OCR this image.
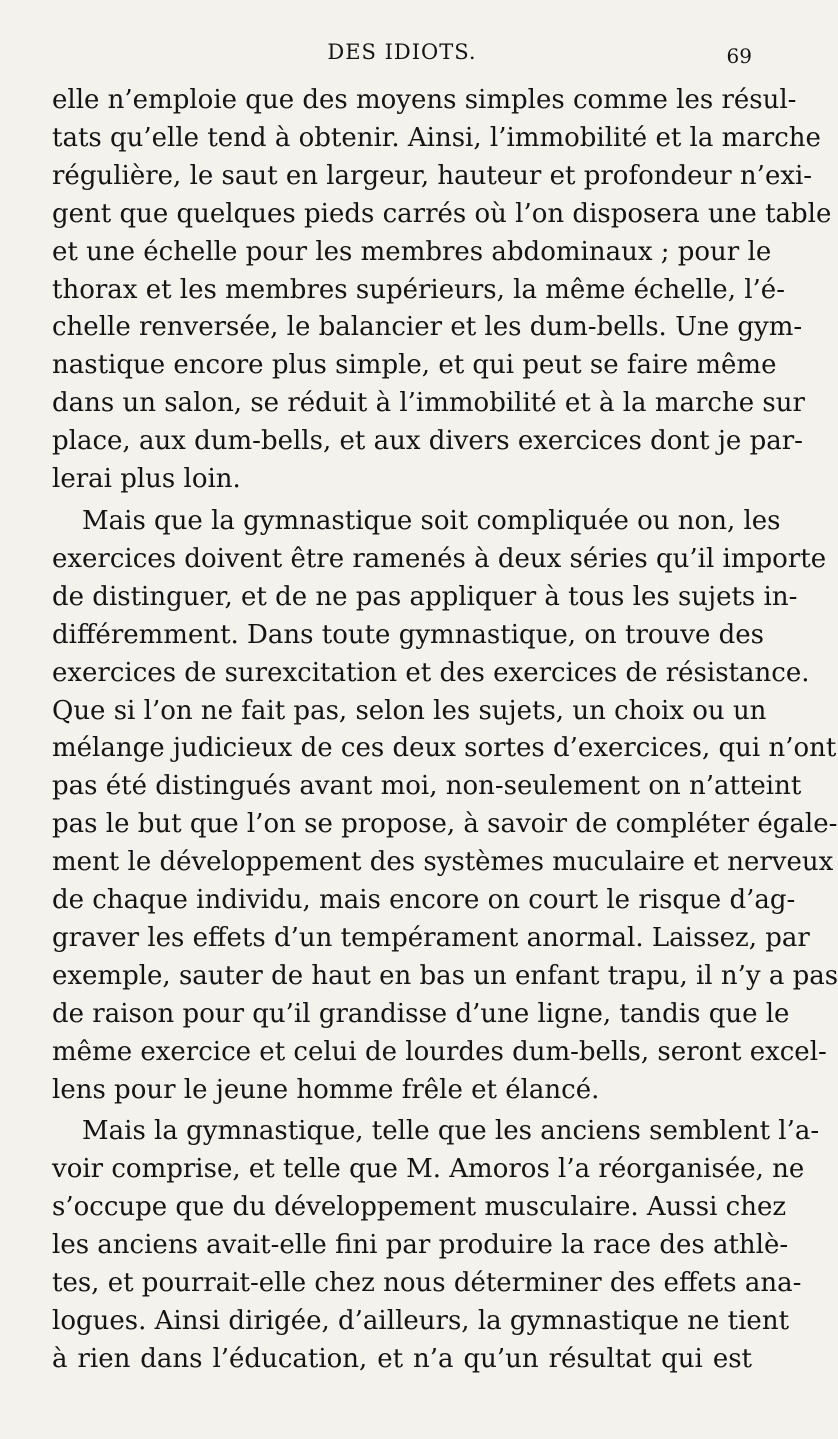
DES IDIOTS.	69
elle n’emploie que des moyens simples comme les résul-
tats qu’elle tend à obtenir. Ainsi, l’immobilité et la marche
régulière, le saut en largeur, hauteur et profondeur n’exi-
gent que quelques pieds carrés où l’on disposera une table
et une échelle pour les membres abdominaux ; pour le
thorax et les membres supérieurs, la même échelle, l’é-
chelle renversée, le balancier et les dum-bells. Une gym-
nastique encore plus simple, et qui peut se faire même
dans un salon, se réduit à l’immobilité et à la marche sur
place, aux dum-bells, et aux divers exercices dont je par-
lerai plus loin.
Mais que la gymnastique soit compliquée ou non, les
exercices doivent être ramenés à deux séries qu’il importe
de distinguer, et de ne pas appliquer à tous les sujets in-
différemment. Dans toute gymnastique, on trouve des
exercices de surexcitation et des exercices de résistance.
Que si l’on ne fait pas, selon les sujets, un choix ou un
mélange judicieux de ces deux sortes d’exercices, qui n’ont
pas été distingués avant moi, non-seulement on n’atteint
pas le but que l’on se propose, à savoir de compléter égale-
ment le développement des systèmes muculaire et nerveux
de chaque individu, mais encore on court le risque d’ag-
graver les effets d’un tempérament anormal. Laissez, par
exemple, sauter de haut en bas un enfant trapu, il n’y a pas
de raison pour qu’il grandisse d’une ligne, tandis que le
même exercice et celui de lourdes dum-bells, seront excel-
lens pour le jeune homme frêle et élancé.
Mais la gymnastique, telle que les anciens semblent l’a-
voir comprise, et telle que M. Amoros l’a réorganisée, ne
s’occupe que du développement musculaire. Aussi chez
les anciens avait-elle fini par produire la race des athlè-
tes, et pourrait-elle chez nous déterminer des effets ana-
logues. Ainsi dirigée, d’ailleurs, la gymnastique ne tient
à rien dans l’éducation, et n’a qu’un résultat qui est
